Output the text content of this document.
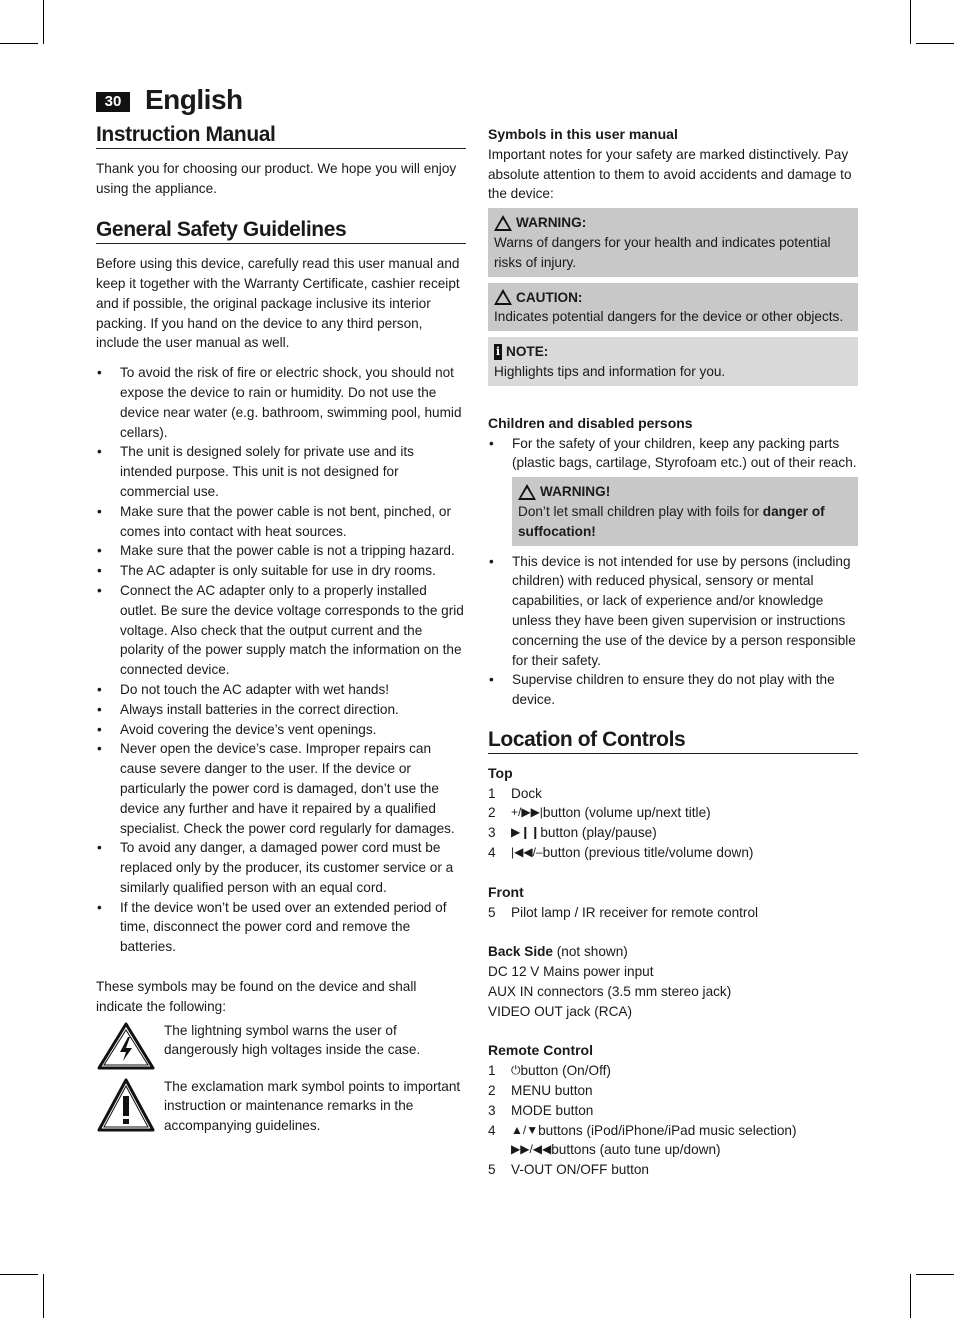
30 English
Instruction Manual

Thank you for choosing our product. We hope you will enjoy using the appliance.

General Safety Guidelines

Before using this device, carefully read this user manual and keep it together with the Warranty Certificate, cashier receipt and if possible, the original package inclusive its interior packing. If you hand on the device to any third person, include the user manual as well.

• To avoid the risk of fire or electric shock, you should not expose the device to rain or humidity. Do not use the device near water (e.g. bathroom, swimming pool, humid cellars).
• The unit is designed solely for private use and its intended purpose. This unit is not designed for commercial use.
• Make sure that the power cable is not bent, pinched, or comes into contact with heat sources.
• Make sure that the power cable is not a tripping hazard.
• The AC adapter is only suitable for use in dry rooms.
• Connect the AC adapter only to a properly installed outlet. Be sure the device voltage corresponds to the grid voltage. Also check that the output current and the polarity of the power supply match the information on the connected device.
• Do not touch the AC adapter with wet hands!
• Always install batteries in the correct direction.
• Avoid covering the device’s vent openings.
• Never open the device’s case. Improper repairs can cause severe danger to the user. If the device or particularly the power cord is damaged, don’t use the device any further and have it repaired by a qualified specialist. Check the power cord regularly for damages.
• To avoid any danger, a damaged power cord must be replaced only by the producer, its customer service or a similarly qualified person with an equal cord.
• If the device won’t be used over an extended period of time, disconnect the power cord and remove the batteries.

These symbols may be found on the device and shall indicate the following:

The lightning symbol warns the user of dangerously high voltages inside the case.

The exclamation mark symbol points to important instruction or maintenance remarks in the accompanying guidelines.

Symbols in this user manual

Important notes for your safety are marked distinctively. Pay absolute attention to them to avoid accidents and damage to the device:

WARNING:

Warns of dangers for your health and indicates potential risks of injury.

CAUTION:

Indicates potential dangers for the device or other objects.

i NOTE:

Highlights tips and information for you.

Children and disabled persons

• For the safety of your children, keep any packing parts (plastic bags, cartilage, Styrofoam etc.) out of their reach.
WARNING!

Don’t let small children play with foils for danger of suffocation!

• This device is not intended for use by persons (including children) with reduced physical, sensory or mental capabilities, or lack of experience and/or knowledge unless they have been given supervision or instructions concerning the use of the device by a person responsible for their safety.
• Supervise children to ensure they do not play with the device.
Location of Controls

Top

1	Dock
2	+/▶▶| button (volume up/next title)
3	▶❙❙ button (play/pause)
4	|◀◀/– button (previous title/volume down)

Front

5	Pilot lamp / IR receiver for remote control

Back Side (not shown)

DC 12 V Mains power input

AUX IN connectors (3.5 mm stereo jack)

VIDEO OUT jack (RCA)

Remote Control

1	⏻ button (On/Off)
2	MENU button
3	MODE button
4	▲/▼ buttons (iPod/iPhone/iPad music selection)
▶▶/◀◀ buttons (auto tune up/down)
5	V-OUT ON/OFF button
